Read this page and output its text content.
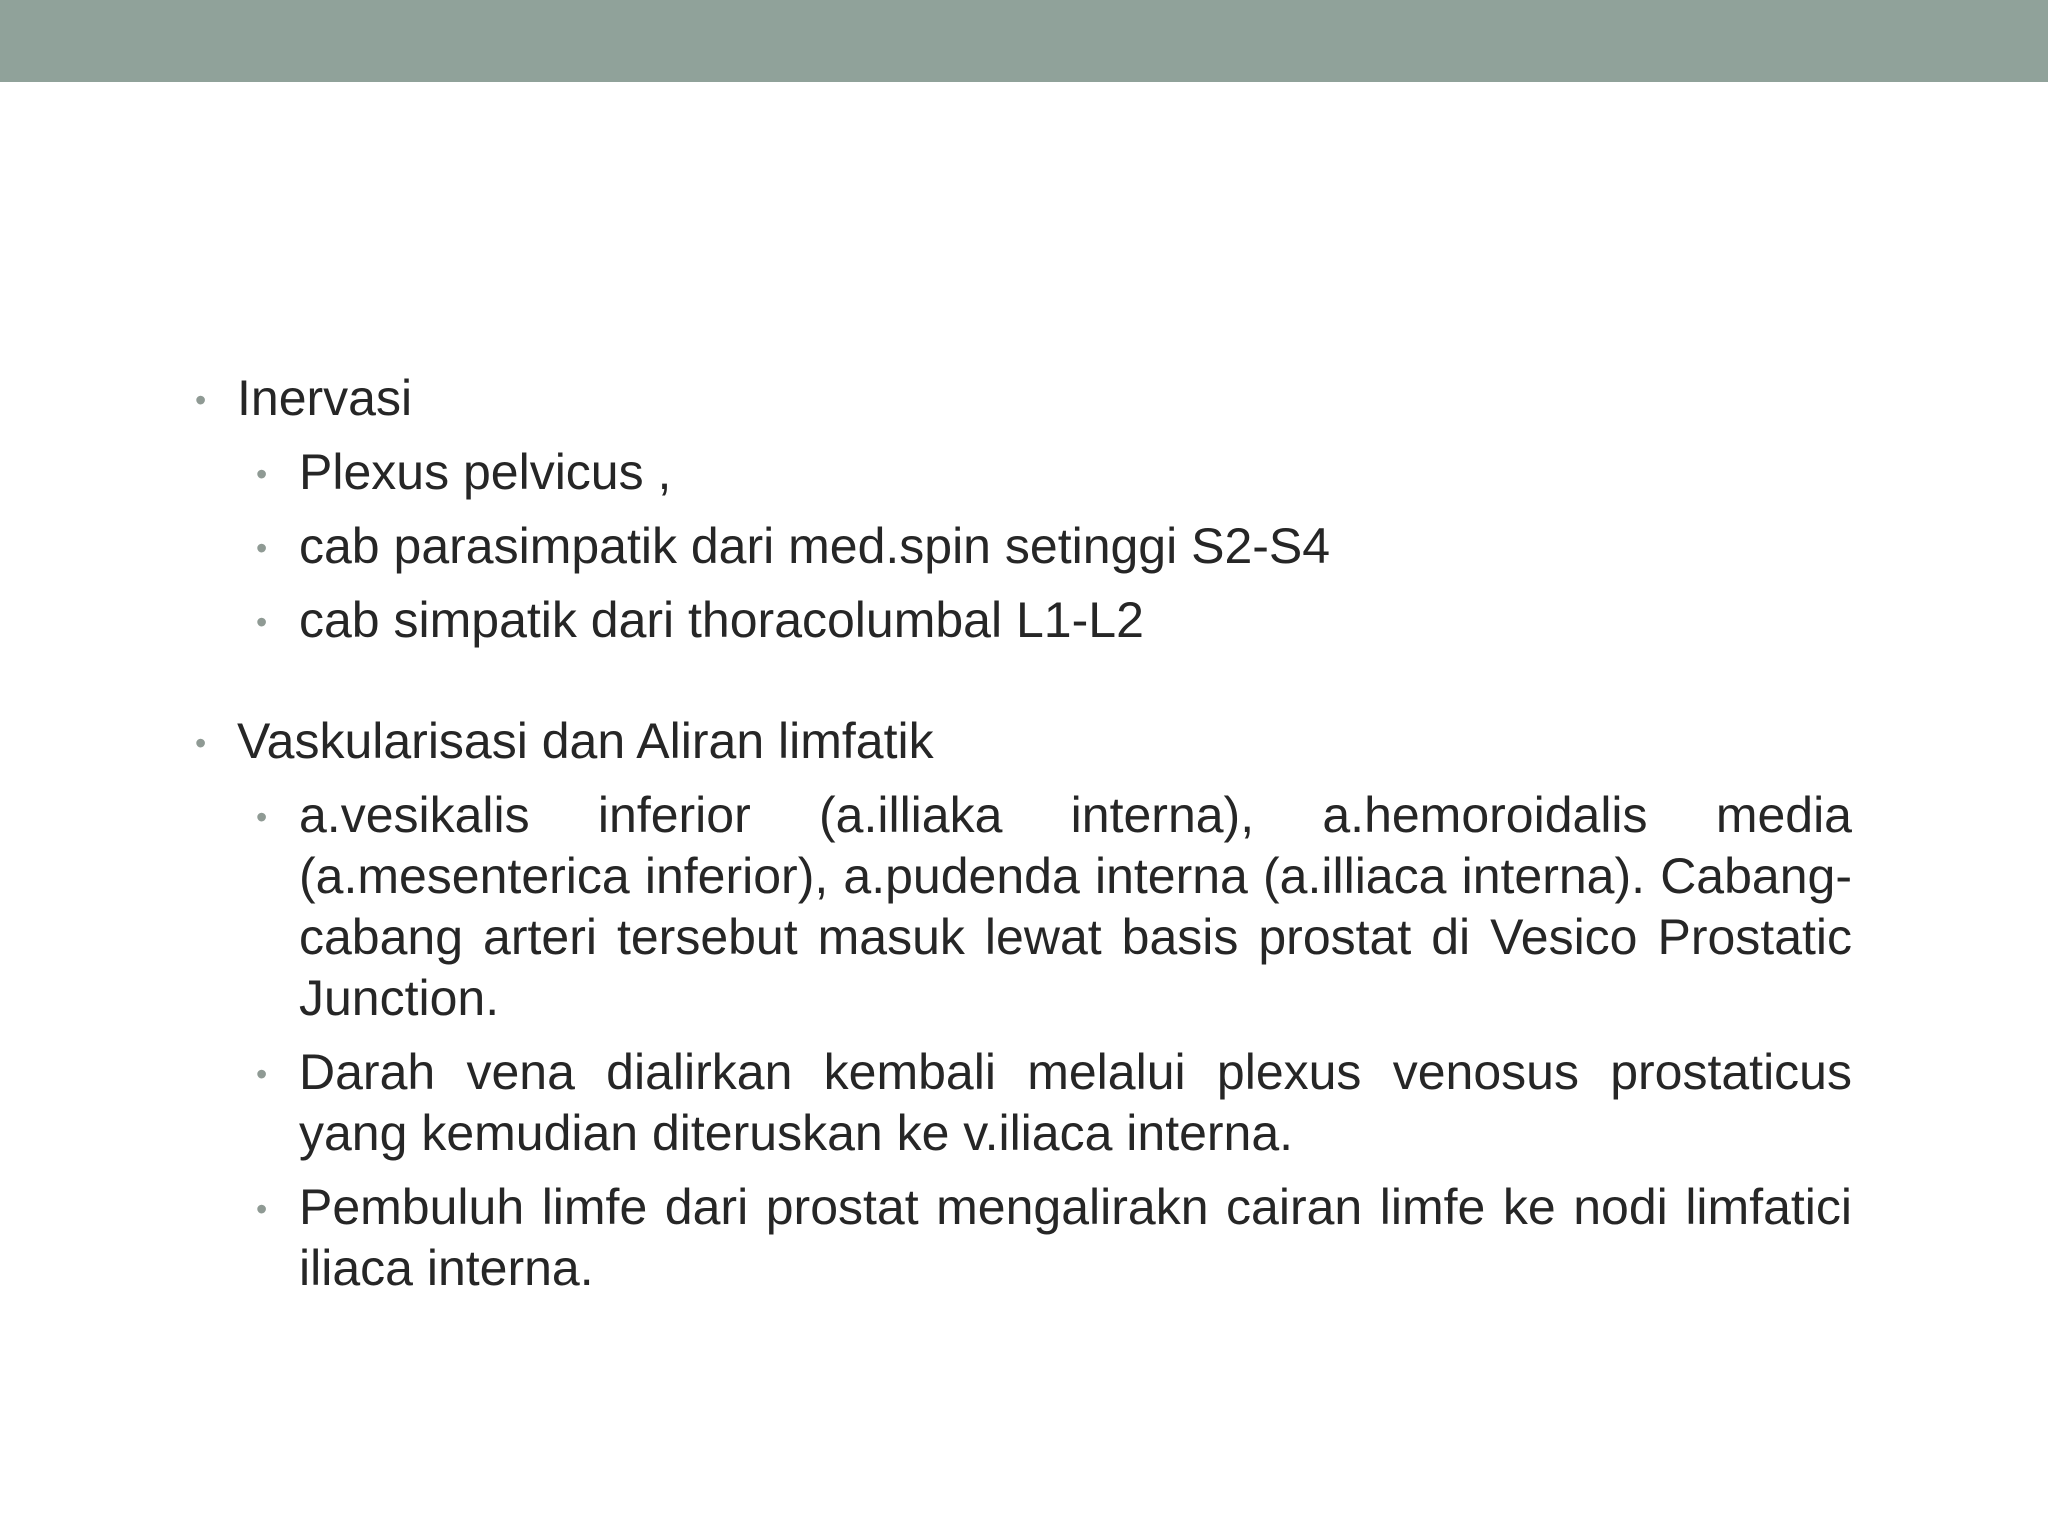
• Inervasi
• Plexus pelvicus ,
• cab parasimpatik dari med.spin setinggi S2-S4
• cab simpatik dari thoracolumbal L1-L2
• Vaskularisasi dan Aliran limfatik
• a.vesikalis inferior (a.illiaka interna), a.hemoroidalis media (a.mesenterica inferior), a.pudenda interna (a.illiaca interna). Cabang-cabang arteri tersebut masuk lewat basis prostat di Vesico Prostatic Junction.
• Darah vena dialirkan kembali melalui plexus venosus prostaticus yang kemudian diteruskan ke v.iliaca interna.
• Pembuluh limfe dari prostat mengalirakn cairan limfe ke nodi limfatici iliaca interna.
